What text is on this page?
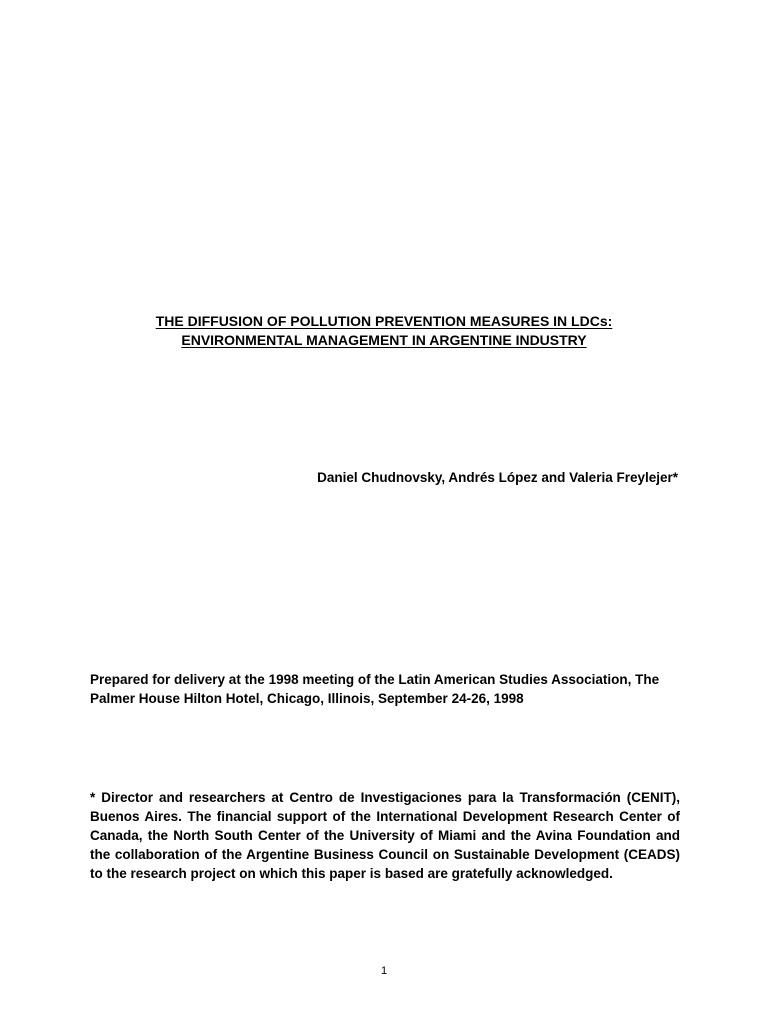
THE DIFFUSION OF POLLUTION PREVENTION MEASURES IN LDCs:
ENVIRONMENTAL MANAGEMENT IN ARGENTINE INDUSTRY
Daniel Chudnovsky, Andrés López and Valeria Freylejer*
Prepared for delivery at the 1998 meeting of the Latin American Studies Association, The Palmer House Hilton Hotel, Chicago, Illinois, September 24-26, 1998
* Director and researchers at Centro de Investigaciones para la Transformación (CENIT), Buenos Aires. The financial support of the International Development Research Center of Canada, the North South Center of the University of Miami and the Avina Foundation and the collaboration of the Argentine Business Council on Sustainable Development (CEADS) to the research project on which this paper is based are gratefully acknowledged.
1
